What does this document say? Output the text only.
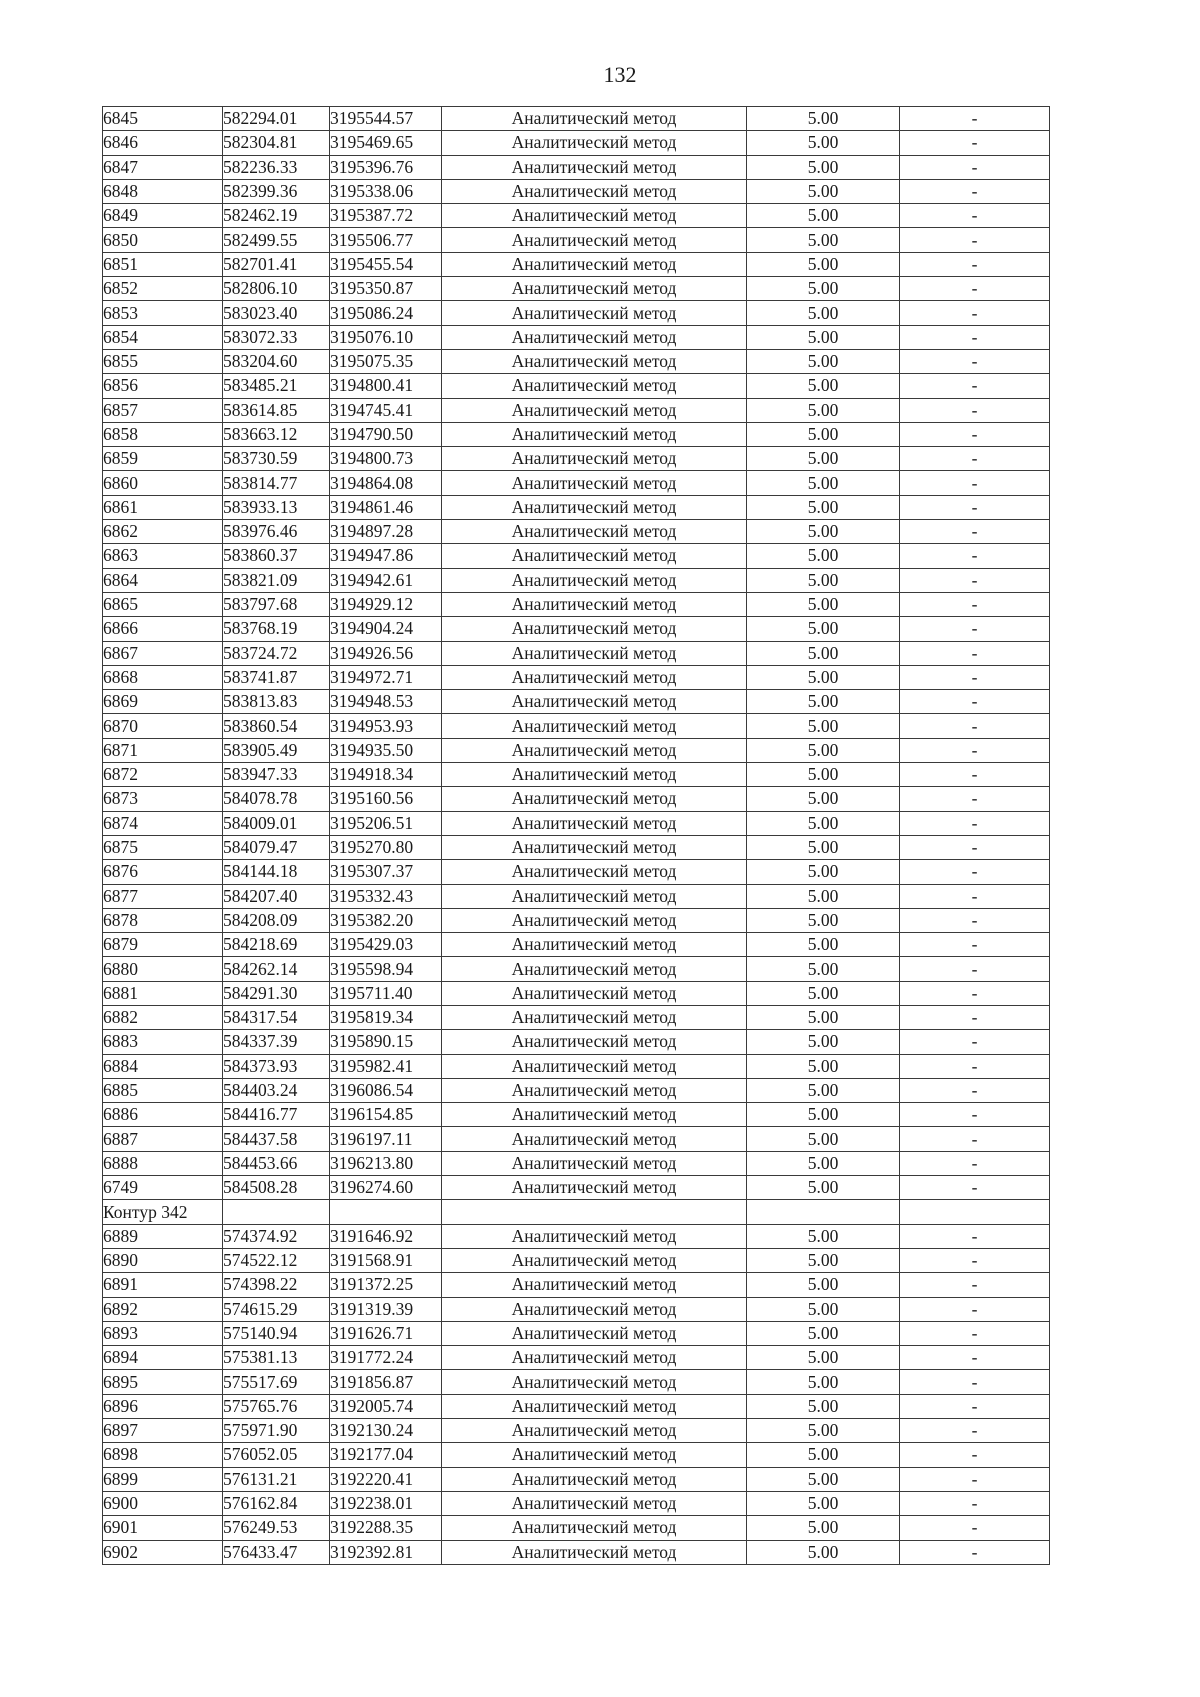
132
6845	582294.01	3195544.57	Аналитический метод	5.00	-
6846	582304.81	3195469.65	Аналитический метод	5.00	-
6847	582236.33	3195396.76	Аналитический метод	5.00	-
6848	582399.36	3195338.06	Аналитический метод	5.00	-
6849	582462.19	3195387.72	Аналитический метод	5.00	-
6850	582499.55	3195506.77	Аналитический метод	5.00	-
6851	582701.41	3195455.54	Аналитический метод	5.00	-
6852	582806.10	3195350.87	Аналитический метод	5.00	-
6853	583023.40	3195086.24	Аналитический метод	5.00	-
6854	583072.33	3195076.10	Аналитический метод	5.00	-
6855	583204.60	3195075.35	Аналитический метод	5.00	-
6856	583485.21	3194800.41	Аналитический метод	5.00	-
6857	583614.85	3194745.41	Аналитический метод	5.00	-
6858	583663.12	3194790.50	Аналитический метод	5.00	-
6859	583730.59	3194800.73	Аналитический метод	5.00	-
6860	583814.77	3194864.08	Аналитический метод	5.00	-
6861	583933.13	3194861.46	Аналитический метод	5.00	-
6862	583976.46	3194897.28	Аналитический метод	5.00	-
6863	583860.37	3194947.86	Аналитический метод	5.00	-
6864	583821.09	3194942.61	Аналитический метод	5.00	-
6865	583797.68	3194929.12	Аналитический метод	5.00	-
6866	583768.19	3194904.24	Аналитический метод	5.00	-
6867	583724.72	3194926.56	Аналитический метод	5.00	-
6868	583741.87	3194972.71	Аналитический метод	5.00	-
6869	583813.83	3194948.53	Аналитический метод	5.00	-
6870	583860.54	3194953.93	Аналитический метод	5.00	-
6871	583905.49	3194935.50	Аналитический метод	5.00	-
6872	583947.33	3194918.34	Аналитический метод	5.00	-
6873	584078.78	3195160.56	Аналитический метод	5.00	-
6874	584009.01	3195206.51	Аналитический метод	5.00	-
6875	584079.47	3195270.80	Аналитический метод	5.00	-
6876	584144.18	3195307.37	Аналитический метод	5.00	-
6877	584207.40	3195332.43	Аналитический метод	5.00	-
6878	584208.09	3195382.20	Аналитический метод	5.00	-
6879	584218.69	3195429.03	Аналитический метод	5.00	-
6880	584262.14	3195598.94	Аналитический метод	5.00	-
6881	584291.30	3195711.40	Аналитический метод	5.00	-
6882	584317.54	3195819.34	Аналитический метод	5.00	-
6883	584337.39	3195890.15	Аналитический метод	5.00	-
6884	584373.93	3195982.41	Аналитический метод	5.00	-
6885	584403.24	3196086.54	Аналитический метод	5.00	-
6886	584416.77	3196154.85	Аналитический метод	5.00	-
6887	584437.58	3196197.11	Аналитический метод	5.00	-
6888	584453.66	3196213.80	Аналитический метод	5.00	-
6749	584508.28	3196274.60	Аналитический метод	5.00	-
Контур 342					
6889	574374.92	3191646.92	Аналитический метод	5.00	-
6890	574522.12	3191568.91	Аналитический метод	5.00	-
6891	574398.22	3191372.25	Аналитический метод	5.00	-
6892	574615.29	3191319.39	Аналитический метод	5.00	-
6893	575140.94	3191626.71	Аналитический метод	5.00	-
6894	575381.13	3191772.24	Аналитический метод	5.00	-
6895	575517.69	3191856.87	Аналитический метод	5.00	-
6896	575765.76	3192005.74	Аналитический метод	5.00	-
6897	575971.90	3192130.24	Аналитический метод	5.00	-
6898	576052.05	3192177.04	Аналитический метод	5.00	-
6899	576131.21	3192220.41	Аналитический метод	5.00	-
6900	576162.84	3192238.01	Аналитический метод	5.00	-
6901	576249.53	3192288.35	Аналитический метод	5.00	-
6902	576433.47	3192392.81	Аналитический метод	5.00	-
